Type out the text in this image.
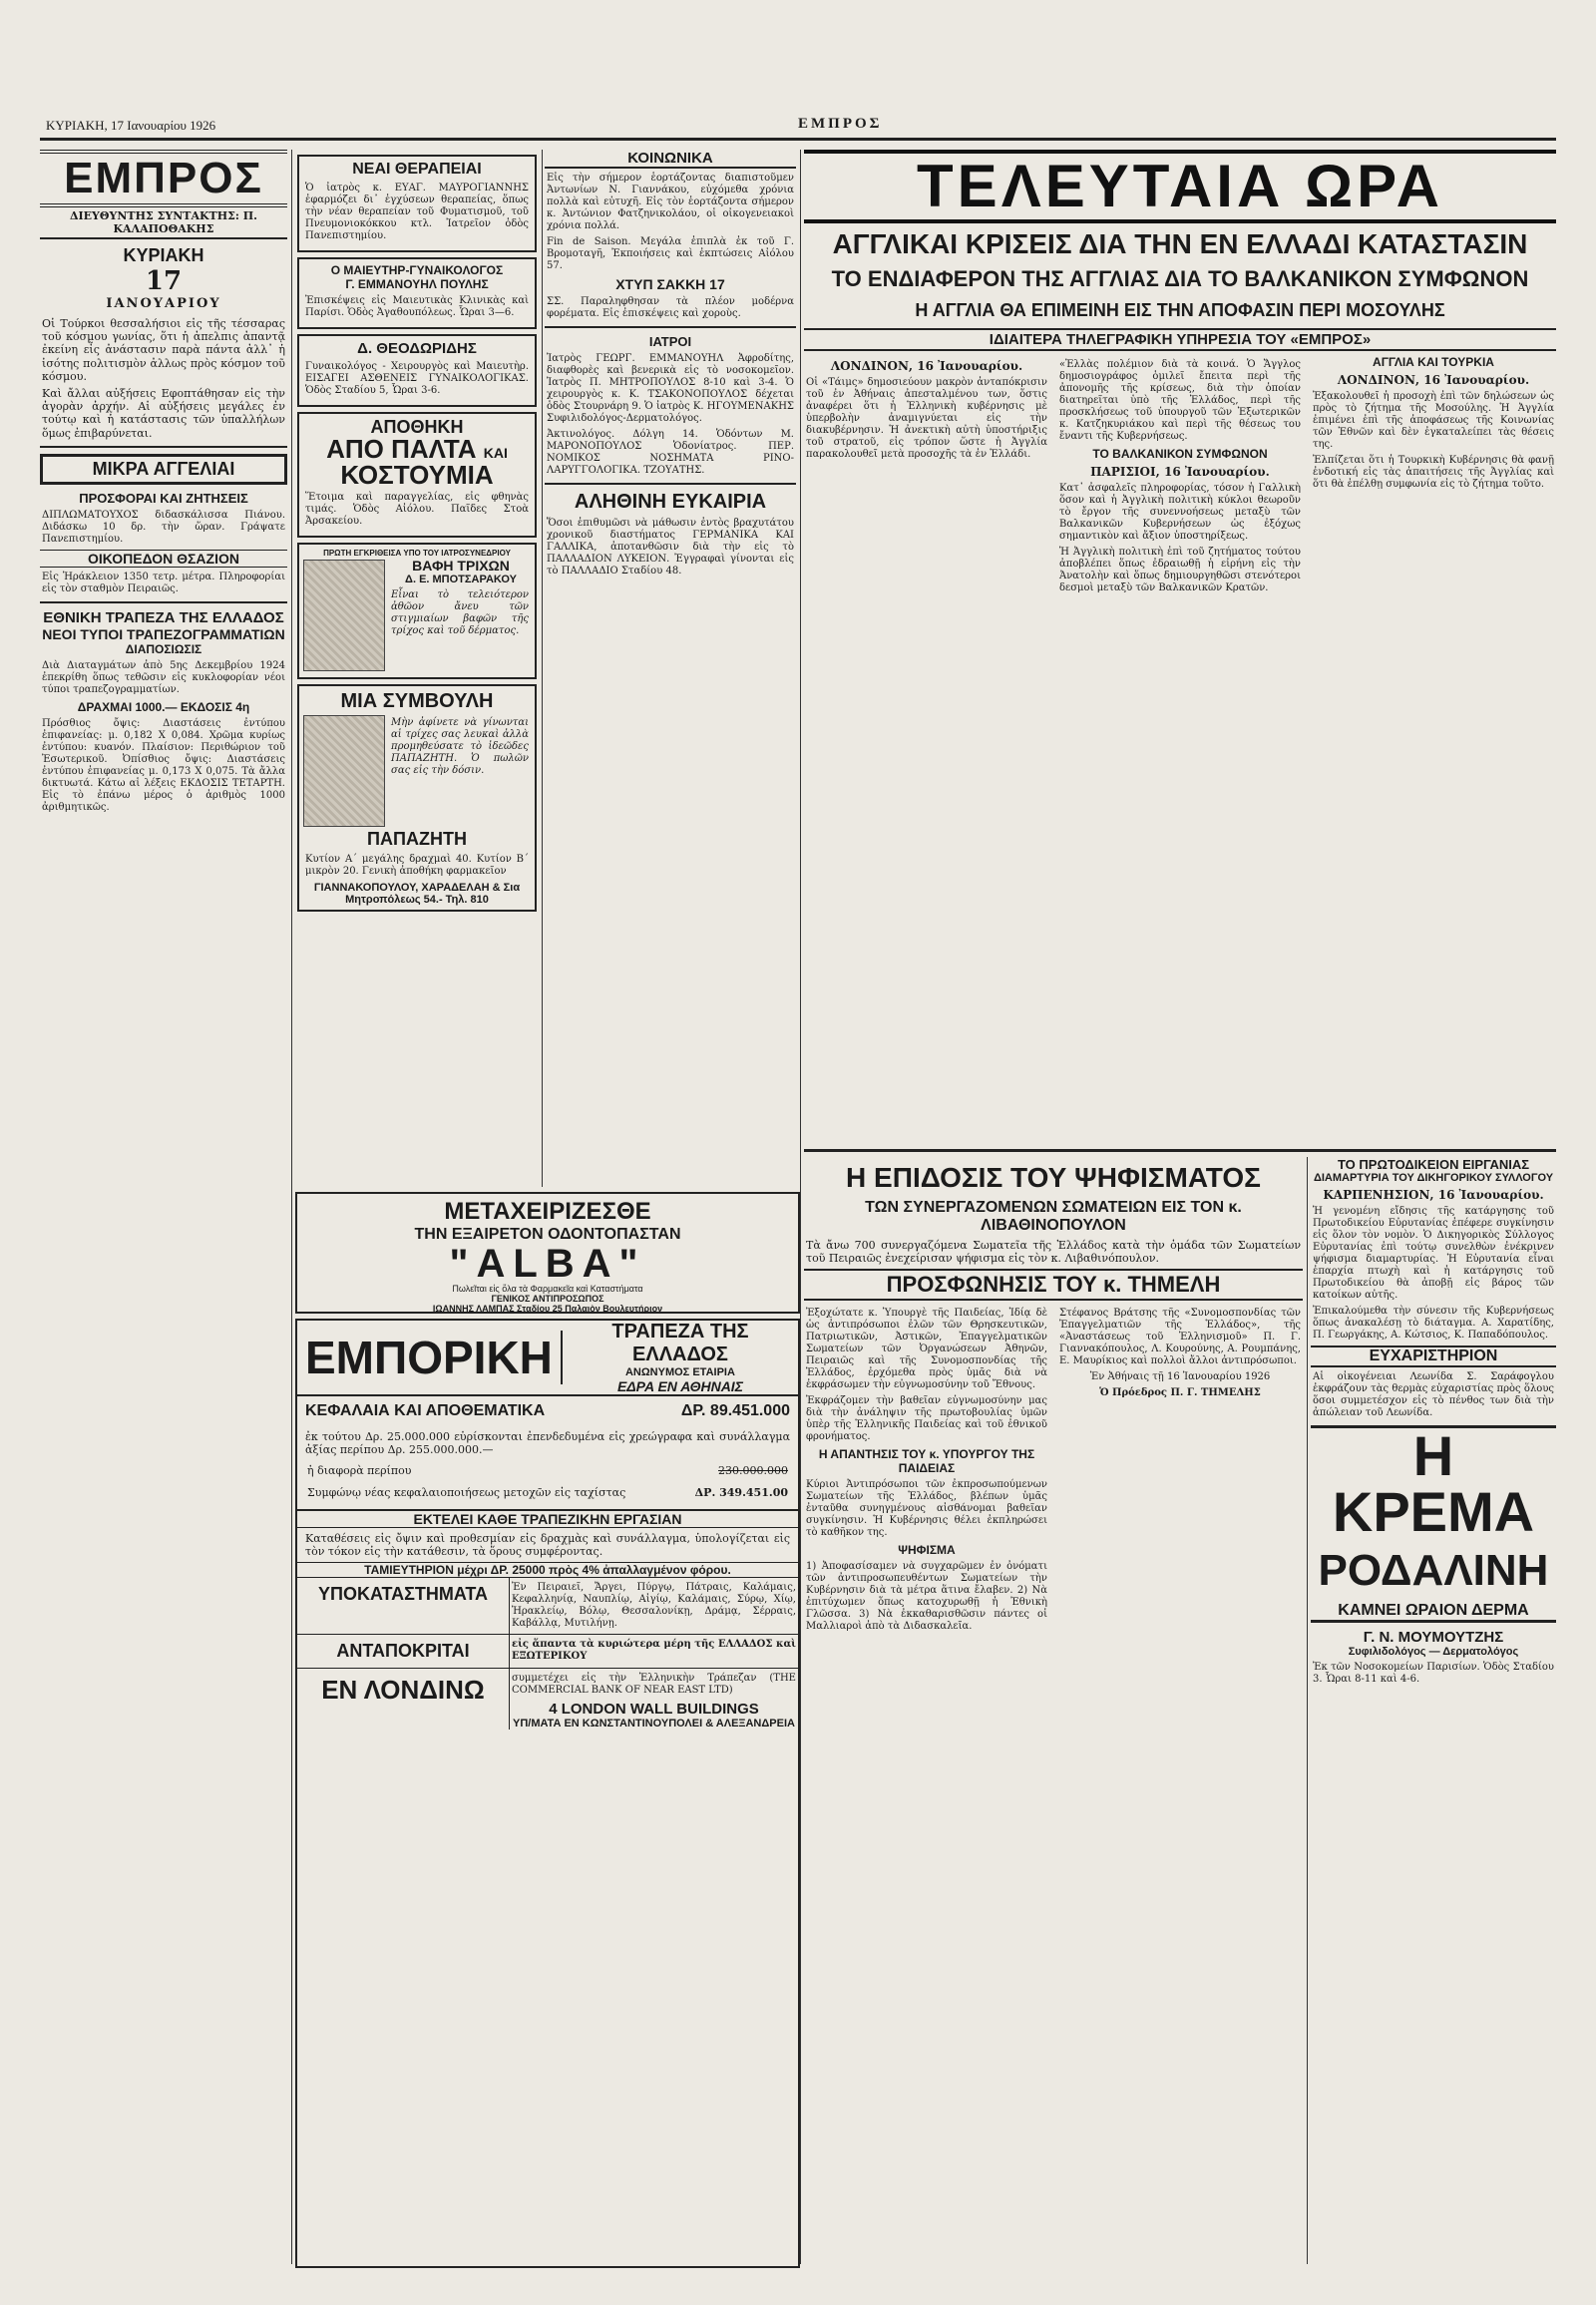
ΚΥΡΙΑΚΗ, 17 Ιανουαρίου 1926	ΕΜΠΡΟΣ
ΕΜΠΡΟΣ
ΔΙΕΥΘΥΝΤΗΣ ΣΥΝΤΑΚΤΗΣ: Π. ΚΑΛΑΠΟΘΑΚΗΣ
ΚΥΡΙΑΚΗ
17
ΙΑΝΟΥΑΡΙΟΥ

Οἱ Τούρκοι θεσσαλήσιοι εἰς τῆς τέσσαρας τοῦ κόσμου γωνίας, ὅτι ἡ ἀπελπις ἀπαντᾷ ἐκείνη εἶς ἀνάστασιν παρὰ πάντα ἀλλ᾿ ἡ ἰσότης πολιτισμὸν ἀλλως πρὸς κόσμον τοῦ κόσμου.

Καὶ ἄλλαι αὐξήσεις Εφοπτάθησαν εἰς τὴν ἀγορὰν ἀρχήν. Αἱ αὐξήσεις μεγάλες ἐν τούτῳ καὶ ἡ κατάστασις τῶν ὑπαλλήλων ὅμως ἐπιβαρύνεται.

ΜΙΚΡΑ ΑΓΓΕΛΙΑΙ
ΠΡΟΣΦΟΡΑΙ ΚΑΙ ΖΗΤΗΣΕΙΣ

ΔΙΠΛΩΜΑΤΟΥΧΟΣ διδασκάλισσα Πιάνου. Διδάσκω 10 δρ. τὴν ὥραν. Γράψατε Πανεπιστημίου.

ΟΙΚΟΠΕΔΟΝ ΘΣΑΖΙΟΝ

Εἰς Ἡράκλειον 1350 τετρ. μέτρα. Πληροφορίαι εἰς τὸν σταθμὸν Πειραιῶς.

ΕΘΝΙΚΗ ΤΡΑΠΕΖΑ ΤΗΣ ΕΛΛΑΔΟΣ
ΝΕΟΙ ΤΥΠΟΙ ΤΡΑΠΕΖΟΓΡΑΜΜΑΤΙΩΝ
ΔΙΑΠΟΣΙΩΣΙΣ

Διὰ Διαταγμάτων ἀπὸ 5ης Δεκεμβρίου 1924 ἐπεκρίθη ὅπως τεθῶσιν εἰς κυκλοφορίαν νέοι τύποι τραπεζογραμματίων.

ΔΡΑΧΜΑΙ 1000.— ΕΚΔΟΣΙΣ 4η

Πρόσθιος ὄψις: Διαστάσεις ἐντύπου ἐπιφανείας: μ. 0,182 Χ 0,084. Χρῶμα κυρίως ἐντύπου: κυανόν. Πλαίσιον: Περιθώριον τοῦ Ἐσωτερικοῦ. Ὀπίσθιος ὄψις: Διαστάσεις ἐντύπου ἐπιφανείας μ. 0,173 Χ 0,075. Τὰ ἄλλα δικτυωτά. Κάτω αἱ λέξεις ΕΚΔΟΣΙΣ ΤΕΤΑΡΤΗ. Εἰς τὸ ἐπάνω μέρος ὁ ἀριθμὸς 1000 ἀριθμητικῶς.

ΝΕΑΙ ΘΕΡΑΠΕΙΑΙ

Ὁ ἰατρὸς κ. ΕΥΑΓ. ΜΑΥΡΟΓΙΑΝΝΗΣ ἐφαρμόζει δι᾿ ἐγχύσεων θεραπείας, ὅπως τὴν νέαν θεραπείαν τοῦ Φυματισμοῦ, τοῦ Πνευμονιοκόκκου κτλ. Ἰατρεῖον ὁδὸς Πανεπιστημίου.

Ο ΜΑΙΕΥΤΗΡ-ΓΥΝΑΙΚΟΛΟΓΟΣ
Γ. ΕΜΜΑΝΟΥΗΛ ΠΟΥΛΗΣ

Ἐπισκέψεις εἰς Μαιευτικὰς Κλινικὰς καὶ Παρίσι. Ὁδὸς Ἀγαθουπόλεως. Ὧραι 3—6.

Δ. ΘΕΟΔΩΡΙΔΗΣ

Γυναικολόγος - Χειρουργὸς καὶ Μαιευτὴρ. ΕΙΣΑΓΕΙ ΑΣΘΕΝΕΙΣ ΓΥΝΑΙΚΟΛΟΓΙΚΑΣ. Ὁδὸς Σταδίου 5, Ὧραι 3-6.

ΑΠΟΘΗΚΗ
ΑΠΟ ΠΑΛΤΑ ΚΑΙ
ΚΟΣΤΟΥΜΙΑ

Ἕτοιμα καὶ παραγγελίας, εἰς φθηνὰς τιμάς. Ὁδὸς Αἰόλου. Παῖδες Στοὰ Ἀρσακείου.

ΠΡΩΤΗ ΕΓΚΡΙΘΕΙΣΑ ΥΠΟ ΤΟΥ ΙΑΤΡΟΣΥΝΕΔΡΙΟΥ
ΒΑΦΗ ΤΡΙΧΩΝ
Δ. Ε. ΜΠΟΤΣΑΡΑΚΟΥ

Εἶναι τὸ τελειότερον ἀθῶον ἄνευ τῶν στιγμιαίων βαφῶν τῆς τρίχος καὶ τοῦ δέρματος.

ΜΙΑ ΣΥΜΒΟΥΛΗ

Μὴν ἀφίνετε νὰ γίνωνται αἱ τρίχες σας λευκαὶ ἀλλὰ προμηθεύσατε τὸ ἰδεῶδες ΠΑΠΑΖΗΤΗ. Ὁ πωλῶν σας εἰς τὴν δόσιν.

ΠΑΠΑΖΗΤΗ

Κυτίον Α΄ μεγάλης δραχμαὶ 40. Κυτίον Β΄ μικρὸν 20. Γενικὴ ἀποθήκη φαρμακεῖον

ΓΙΑΝΝΑΚΟΠΟΥΛΟΥ, ΧΑΡΑΔΕΛΑΗ & Σια
Μητροπόλεως 54.- Τηλ. 810
ΚΟΙΝΩΝΙΚΑ

Εἰς τὴν σήμερον ἑορτάζοντας διαπιστοῦμεν Ἀντωνίων Ν. Γιαννάκου, εὐχόμεθα χρόνια πολλὰ καὶ εὐτυχῆ. Εἰς τὸν ἑορτάζοντα σήμερον κ. Ἀντώνιον Φατζηνικολάου, οἱ οἰκογενειακοὶ χρόνια πολλά.

Fin de Saison. Μεγάλα ἐπιπλὰ ἐκ τοῦ Γ. Βρομοταγῆ, Ἐκποιήσεις καὶ ἐκπτώσεις Αἰόλου 57.

ΧΤΥΠ ΣΑΚΚΗ 17

ΣΣ. Παραληφθησαν τὰ πλέον μοδέρνα φορέματα. Εἰς ἐπισκέψεις καὶ χοροὺς.

ΙΑΤΡΟΙ

Ἰατρὸς ΓΕΩΡΓ. ΕΜΜΑΝΟΥΗΛ Ἀφροδίτης, διαφθορὲς καὶ βενερικὰ εἰς τὸ νοσοκομεῖον. Ἰατρὸς Π. ΜΗΤΡΟΠΟΥΛΟΣ 8-10 καὶ 3-4. Ὁ χειρουργὸς κ. Κ. ΤΣΑΚΟΝΟΠΟΥΛΟΣ δέχεται ὁδὸς Στουρνάρη 9. Ὁ ἰατρὸς Κ. ΗΓΟΥΜΕΝΑΚΗΣ Συφιλιδολόγος-Δερματολόγος.

Ἀκτινολόγος. Δόλγη 14. Ὁδόντων Μ. ΜΑΡΟΝΟΠΟΥΛΟΣ Ὁδονίατρος. ΠΕΡ. ΝΟΜΙΚΟΣ ΝΟΣΗΜΑΤΑ ΡΙΝΟ-ΛΑΡΥΓΓΟΛΟΓΙΚΑ. ΤΖΟΥΑΤΗΣ.

ΑΛΗΘΙΝΗ ΕΥΚΑΙΡΙΑ

Ὅσοι ἐπιθυμῶσι νὰ μάθωσιν ἐντὸς βραχυτάτου χρονικοῦ διαστήματος ΓΕΡΜΑΝΙΚΑ ΚΑΙ ΓΑΛΛΙΚΑ, ἀποτανθῶσιν διὰ τὴν εἰς τὸ ΠΑΛΛΑΔΙΟΝ ΛΥΚΕΙΟΝ. Ἐγγραφαὶ γίνονται εἰς τὸ ΠΑΛΛΑΔΙΟ Σταδίου 48.

ΜΕΤΑΧΕΙΡΙΖΕΣΘΕ
ΤΗΝ ΕΞΑΙΡΕΤΟΝ ΟΔΟΝΤΟΠΑΣΤΑΝ
"ALBA"
Πωλεῖται εἰς ὅλα τὰ Φαρμακεῖα καὶ Καταστήματα
ΓΕΝΙΚΟΣ ΑΝΤΙΠΡΟΣΩΠΟΣ
ΙΩΑΝΝΗΣ ΛΑΜΠΑΣ Σταδίου 25 Παλαιὸν Βουλευτήριον
ΕΜΠΟΡΙΚΗ	ΤΡΑΠΕΖΑ ΤΗΣ ΕΛΛΑΔΟΣ
ΑΝΩΝΥΜΟΣ ΕΤΑΙΡΙΑ
ΕΔΡΑ ΕΝ ΑΘΗΝΑΙΣ
ΚΕΦΑΛΑΙΑ ΚΑΙ ΑΠΟΘΕΜΑΤΙΚΑ	ΔΡ. 89.451.000

ἐκ τούτου Δρ. 25.000.000 εὑρίσκονται ἐπενδεδυμένα εἰς χρεώγραφα καὶ συνάλλαγμα ἀξίας περίπου Δρ. 255.000.000.—

ἡ διαφορὰ περίπου	230.000.000
Συμφώνῳ νέας κεφαλαιοποιήσεως μετοχῶν εἰς ταχίστας	ΔΡ. 349.451.00
ΕΚΤΕΛΕΙ ΚΑΘΕ ΤΡΑΠΕΖΙΚΗΝ ΕΡΓΑΣΙΑΝ

Καταθέσεις εἰς ὄψιν καὶ προθεσμίαν εἰς δραχμὰς καὶ συνάλλαγμα, ὑπολογίζεται εἰς τὸν τόκον εἰς τὴν κατάθεσιν, τὰ ὅρους συμφέροντας.

ΤΑΜΙΕΥΤΗΡΙΟΝ μέχρι ΔΡ. 25000 πρὸς 4% ἀπαλλαγμένον φόρου.
ΥΠΟΚΑΤΑΣΤΗΜΑΤΑ	Ἐν Πειραιεῖ, Ἄργει, Πύργῳ, Πάτραις, Καλάμαις, Κεφαλληνίᾳ, Ναυπλίῳ, Αἰγίῳ, Καλάμαις, Σύρῳ, Χίῳ, Ἡρακλείῳ, Βόλῳ, Θεσσαλονίκῃ, Δράμᾳ, Σέρραις, Καβάλλᾳ, Μυτιλήνῃ.

ΑΝΤΑΠΟΚΡΙΤΑΙ	εἰς ἅπαντα τὰ κυριώτερα μέρη τῆς ΕΛΛΑΔΟΣ καὶ ΕΞΩΤΕΡΙΚΟΥ

ΕΝ ΛΟΝΔΙΝΩ	συμμετέχει εἰς τὴν Ἑλληνικὴν Τράπεζαν (THE COMMERCIAL BANK OF NEAR EAST LTD)

4 LONDON WALL BUILDINGS
ΥΠ/ΜΑΤΑ ΕΝ ΚΩΝΣΤΑΝΤΙΝΟΥΠΟΛΕΙ & ΑΛΕΞΑΝΔΡΕΙΑ
ΤΕΛΕΥΤΑΙΑ ΩΡΑ
ΑΓΓΛΙΚΑΙ ΚΡΙΣΕΙΣ ΔΙΑ ΤΗΝ ΕΝ ΕΛΛΑΔΙ ΚΑΤΑΣΤΑΣΙΝ
ΤΟ ΕΝΔΙΑΦΕΡΟΝ ΤΗΣ ΑΓΓΛΙΑΣ ΔΙΑ ΤΟ ΒΑΛΚΑΝΙΚΟΝ ΣΥΜΦΩΝΟΝ
Η ΑΓΓΛΙΑ ΘΑ ΕΠΙΜΕΙΝΗ ΕΙΣ ΤΗΝ ΑΠΟΦΑΣΙΝ ΠΕΡΙ ΜΟΣΟΥΛΗΣ
ΙΔΙΑΙΤΕΡΑ ΤΗΛΕΓΡΑΦΙΚΗ ΥΠΗΡΕΣΙΑ ΤΟΥ «ΕΜΠΡΟΣ»
ΛΟΝΔΙΝΟΝ, 16 Ἰανουαρίου.

Οἱ «Τάιμς» δημοσιεύουν μακρὸν ἀνταπόκρισιν τοῦ ἐν Ἀθήναις ἀπεσταλμένου των, ὅστις ἀναφέρει ὅτι ἡ Ἑλληνικὴ κυβέρνησις μὲ ὑπερβολὴν ἀναμιγνύεται εἰς τὴν διακυβέρνησιν. Ἡ ἀνεκτικὴ αὐτὴ ὑποστήριξις τοῦ στρατοῦ, εἰς τρόπον ὥστε ἡ Ἀγγλία παρακολουθεῖ μετὰ προσοχῆς τὰ ἐν Ἑλλάδι.

«Ἑλλὰς πολέμιον διὰ τὰ κοινά. Ὁ Ἄγγλος δημοσιογράφος ὁμιλεῖ ἔπειτα περὶ τῆς ἀπονομῆς τῆς κρίσεως, διὰ τὴν ὁποίαν διατηρεῖται ὑπὸ τῆς Ἑλλάδος, περὶ τῆς προσκλήσεως τοῦ ὑπουργοῦ τῶν Ἐξωτερικῶν κ. Κατζηκυριάκου καὶ περὶ τῆς θέσεως του ἔναντι τῆς Κυβερνήσεως.

ΤΟ ΒΑΛΚΑΝΙΚΟΝ ΣΥΜΦΩΝΟΝ
ΠΑΡΙΣΙΟΙ, 16 Ἰανουαρίου.

Κατ᾿ ἀσφαλεῖς πληροφορίας, τόσον ἡ Γαλλικὴ ὅσον καὶ ἡ Ἀγγλικὴ πολιτικὴ κύκλοι θεωροῦν τὸ ἔργον τῆς συνεννοήσεως μεταξὺ τῶν Βαλκανικῶν Κυβερνήσεων ὡς ἐξόχως σημαντικὸν καὶ ἄξιον ὑποστηρίξεως.

Ἡ Ἀγγλικὴ πολιτικὴ ἐπὶ τοῦ ζητήματος τούτου ἀποβλέπει ὅπως ἐδραιωθῇ ἡ εἰρήνη εἰς τὴν Ἀνατολὴν καὶ ὅπως δημιουργηθῶσι στενότεροι δεσμοὶ μεταξὺ τῶν Βαλκανικῶν Κρατῶν.

ΑΓΓΛΙΑ ΚΑΙ ΤΟΥΡΚΙΑ
ΛΟΝΔΙΝΟΝ, 16 Ἰανουαρίου.

Ἐξακολουθεῖ ἡ προσοχὴ ἐπὶ τῶν δηλώσεων ὡς πρὸς τὸ ζήτημα τῆς Μοσούλης. Ἡ Ἀγγλία ἐπιμένει ἐπὶ τῆς ἀποφάσεως τῆς Κοινωνίας τῶν Ἐθνῶν καὶ δὲν ἐγκαταλείπει τὰς θέσεις της.

Ἐλπίζεται ὅτι ἡ Τουρκικὴ Κυβέρνησις θὰ φανῇ ἐνδοτική εἰς τὰς ἀπαιτήσεις τῆς Ἀγγλίας καὶ ὅτι θὰ ἐπέλθῃ συμφωνία εἰς τὸ ζήτημα τοῦτο.

Η ΕΠΙΔΟΣΙΣ ΤΟΥ ΨΗΦΙΣΜΑΤΟΣ
ΤΩΝ ΣΥΝΕΡΓΑΖΟΜΕΝΩΝ ΣΩΜΑΤΕΙΩΝ ΕΙΣ ΤΟΝ κ. ΛΙΒΑΘΙΝΟΠΟΥΛΟΝ

Τὰ ἄνω 700 συνεργαζόμενα Σωματεῖα τῆς Ἑλλάδος κατὰ τὴν ὁμάδα τῶν Σωματείων τοῦ Πειραιῶς ἐνεχείρισαν ψήφισμα εἰς τὸν κ. Λιβαθινόπουλον.

ΠΡΟΣΦΩΝΗΣΙΣ ΤΟΥ κ. ΤΗΜΕΛΗ

Ἐξοχώτατε κ. Ὑπουργὲ τῆς Παιδείας, Ἰδίᾳ δὲ ὡς ἀντιπρόσωποι ἐλῶν τῶν Θρησκευτικῶν, Πατριωτικῶν, Ἀστικῶν, Ἐπαγγελματικῶν Σωματείων τῶν Ὀργανώσεων Ἀθηνῶν, Πειραιῶς καὶ τῆς Συνομοσπονδίας τῆς Ἑλλάδος, ἐρχόμεθα πρὸς ὑμᾶς διὰ νὰ ἐκφράσωμεν τὴν εὐγνωμοσύνην τοῦ Ἔθνους.

Ἐκφράζομεν τὴν βαθεῖαν εὐγνωμοσύνην μας διὰ τὴν ἀνάληψιν τῆς πρωτοβουλίας ὑμῶν ὑπὲρ τῆς Ἑλληνικῆς Παιδείας καὶ τοῦ ἐθνικοῦ φρονήματος.

Η ΑΠΑΝΤΗΣΙΣ ΤΟΥ κ. ΥΠΟΥΡΓΟΥ ΤΗΣ ΠΑΙΔΕΙΑΣ

Κύριοι Ἀντιπρόσωποι τῶν ἐκπροσωπούμενων Σωματείων τῆς Ἑλλάδος, βλέπων ὑμᾶς ἐνταῦθα συνηγμένους αἰσθάνομαι βαθεῖαν συγκίνησιν. Ἡ Κυβέρνησις θέλει ἐκπληρώσει τὸ καθῆκον της.

ΨΗΦΙΣΜΑ

1) Ἀποφασίσαμεν νὰ συγχαρῶμεν ἐν ὀνόματι τῶν ἀντιπροσωπευθέντων Σωματείων τὴν Κυβέρνησιν διὰ τὰ μέτρα ἅτινα ἔλαβεν. 2) Νὰ ἐπιτύχωμεν ὅπως κατοχυρωθῇ ἡ Ἐθνικὴ Γλῶσσα. 3) Νὰ ἐκκαθαρισθῶσιν πάντες οἱ Μαλλιαροὶ ἀπὸ τὰ Διδασκαλεῖα.

Στέφανος Βράτσης τῆς «Συνομοσπονδίας τῶν Ἐπαγγελματιῶν τῆς Ἑλλάδος», τῆς «Ἀναστάσεως τοῦ Ἑλληνισμοῦ» Π. Γ. Γιαννακόπουλος, Λ. Κουρούνης, Α. Ρουμπάνης, Ε. Μαυρίκιος καὶ πολλοὶ ἄλλοι ἀντιπρόσωποι.

Ἐν Ἀθήναις τῇ 16 Ἰανουαρίου 1926

Ὁ Πρόεδρος Π. Γ. ΤΗΜΕΛΗΣ

ΤΟ ΠΡΩΤΟΔΙΚΕΙΟΝ ΕΙΡΓΑΝΙΑΣ
ΔΙΑΜΑΡΤΥΡΙΑ ΤΟΥ ΔΙΚΗΓΟΡΙΚΟΥ ΣΥΛΛΟΓΟΥ
ΚΑΡΠΕΝΗΣΙΟΝ, 16 Ἰανουαρίου.

Ἡ γενομένη εἴδησις τῆς κατάργησης τοῦ Πρωτοδικείου Εὐρυτανίας ἐπέφερε συγκίνησιν εἰς ὅλον τὸν νομὸν. Ὁ Δικηγορικὸς Σύλλογος Εὐρυτανίας ἐπὶ τούτῳ συνελθὼν ἐνέκρινεν ψήφισμα διαμαρτυρίας. Ἡ Εὐρυτανία εἶναι ἐπαρχία πτωχὴ καὶ ἡ κατάργησις τοῦ Πρωτοδικείου θὰ ἀποβῇ εἰς βάρος τῶν κατοίκων αὐτῆς.

Ἐπικαλούμεθα τὴν σύνεσιν τῆς Κυβερνήσεως ὅπως ἀνακαλέσῃ τὸ διάταγμα. Α. Χαρατίδης, Π. Γεωργάκης, Α. Κώτσιος, Κ. Παπαδόπουλος.

ΕΥΧΑΡΙΣΤΗΡΙΟΝ

Αἱ οἰκογένειαι Λεωνίδα Σ. Σαράφογλου ἐκφράζουν τὰς θερμὰς εὐχαριστίας πρὸς ὅλους ὅσοι συμμετέσχον εἰς τὸ πένθος των διὰ τὴν ἀπώλειαν τοῦ Λεωνίδα.

Η ΚΡΕΜΑ
ΡΟΔΑΛΙΝΗ
ΚΑΜΝΕΙ ΩΡΑΙΟΝ ΔΕΡΜΑ
Γ. Ν. ΜΟΥΜΟΥΤΖΗΣ
Συφιλιδολόγος — Δερματολόγος

Ἐκ τῶν Νοσοκομείων Παρισίων. Ὁδὸς Σταδίου 3. Ὧραι 8-11 καὶ 4-6.
